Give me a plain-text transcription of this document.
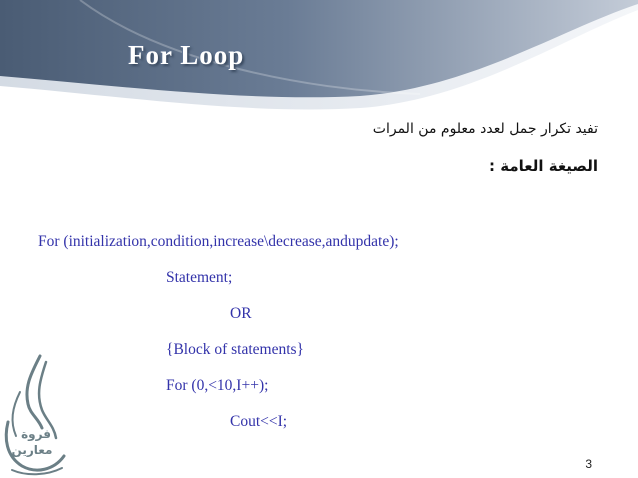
For Loop
تفيد تكرار جمل لعدد معلوم من المرات
الصيغة العامة :
For (initialization,condition,increase\decrease,andupdate);
Statement;
OR
{Block of statements}
For (0,<10,I++);
Cout<<I;
فروة
معارين
3
